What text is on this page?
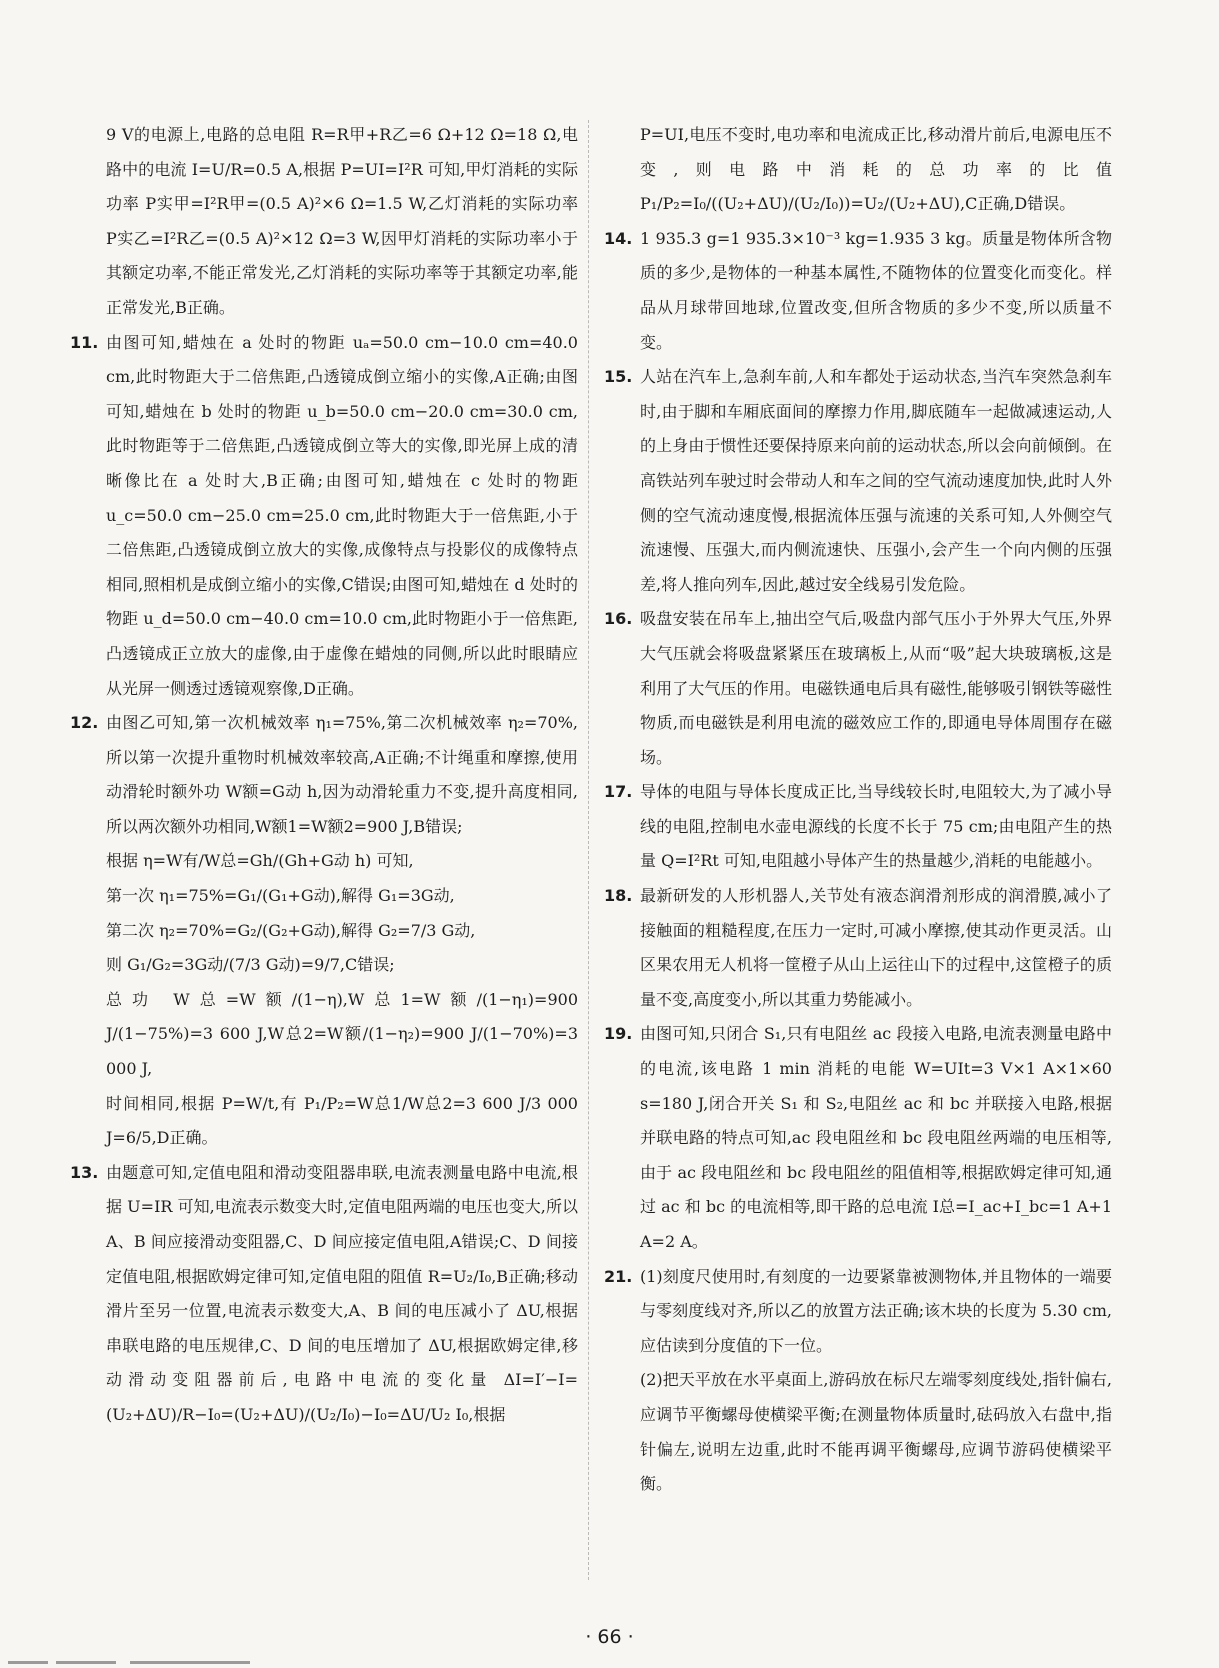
9 V的电源上,电路的总电阻 R=R甲+R乙=6 Ω+12 Ω=18 Ω,电路中的电流 I=U/R=0.5 A,根据 P=UI=I²R 可知,甲灯消耗的实际功率 P实甲=I²R甲=(0.5 A)²×6 Ω=1.5 W,乙灯消耗的实际功率 P实乙=I²R乙=(0.5 A)²×12 Ω=3 W,因甲灯消耗的实际功率小于其额定功率,不能正常发光,乙灯消耗的实际功率等于其额定功率,能正常发光,B正确。

11. 由图可知,蜡烛在 a 处时的物距 uₐ=50.0 cm−10.0 cm=40.0 cm,此时物距大于二倍焦距,凸透镜成倒立缩小的实像,A正确;由图可知,蜡烛在 b 处时的物距 u_b=50.0 cm−20.0 cm=30.0 cm,此时物距等于二倍焦距,凸透镜成倒立等大的实像,即光屏上成的清晰像比在 a 处时大,B正确;由图可知,蜡烛在 c 处时的物距 u_c=50.0 cm−25.0 cm=25.0 cm,此时物距大于一倍焦距,小于二倍焦距,凸透镜成倒立放大的实像,成像特点与投影仪的成像特点相同,照相机是成倒立缩小的实像,C错误;由图可知,蜡烛在 d 处时的物距 u_d=50.0 cm−40.0 cm=10.0 cm,此时物距小于一倍焦距,凸透镜成正立放大的虚像,由于虚像在蜡烛的同侧,所以此时眼睛应从光屏一侧透过透镜观察像,D正确。
12. 由图乙可知,第一次机械效率 η₁=75%,第二次机械效率 η₂=70%,所以第一次提升重物时机械效率较高,A正确;不计绳重和摩擦,使用动滑轮时额外功 W额=G动 h,因为动滑轮重力不变,提升高度相同,所以两次额外功相同,W额1=W额2=900 J,B错误;

根据 η=W有/W总=Gh/(Gh+G动 h) 可知,

第一次 η₁=75%=G₁/(G₁+G动),解得 G₁=3G动,

第二次 η₂=70%=G₂/(G₂+G动),解得 G₂=7/3 G动,

则 G₁/G₂=3G动/(7/3 G动)=9/7,C错误;

总功 W总=W额/(1−η),W总1=W额/(1−η₁)=900 J/(1−75%)=3 600 J,W总2=W额/(1−η₂)=900 J/(1−70%)=3 000 J,

时间相同,根据 P=W/t,有 P₁/P₂=W总1/W总2=3 600 J/3 000 J=6/5,D正确。

13. 由题意可知,定值电阻和滑动变阻器串联,电流表测量电路中电流,根据 U=IR 可知,电流表示数变大时,定值电阻两端的电压也变大,所以 A、B 间应接滑动变阻器,C、D 间应接定值电阻,A错误;C、D 间接定值电阻,根据欧姆定律可知,定值电阻的阻值 R=U₂/I₀,B正确;移动滑片至另一位置,电流表示数变大,A、B 间的电压减小了 ΔU,根据串联电路的电压规律,C、D 间的电压增加了 ΔU,根据欧姆定律,移动滑动变阻器前后,电路中电流的变化量 ΔI=I′−I=(U₂+ΔU)/R−I₀=(U₂+ΔU)/(U₂/I₀)−I₀=ΔU/U₂ I₀,根据

P=UI,电压不变时,电功率和电流成正比,移动滑片前后,电源电压不变,则电路中消耗的总功率的比值 P₁/P₂=I₀/((U₂+ΔU)/(U₂/I₀))=U₂/(U₂+ΔU),C正确,D错误。

14. 1 935.3 g=1 935.3×10⁻³ kg=1.935 3 kg。质量是物体所含物质的多少,是物体的一种基本属性,不随物体的位置变化而变化。样品从月球带回地球,位置改变,但所含物质的多少不变,所以质量不变。
15. 人站在汽车上,急刹车前,人和车都处于运动状态,当汽车突然急刹车时,由于脚和车厢底面间的摩擦力作用,脚底随车一起做减速运动,人的上身由于惯性还要保持原来向前的运动状态,所以会向前倾倒。在高铁站列车驶过时会带动人和车之间的空气流动速度加快,此时人外侧的空气流动速度慢,根据流体压强与流速的关系可知,人外侧空气流速慢、压强大,而内侧流速快、压强小,会产生一个向内侧的压强差,将人推向列车,因此,越过安全线易引发危险。
16. 吸盘安装在吊车上,抽出空气后,吸盘内部气压小于外界大气压,外界大气压就会将吸盘紧紧压在玻璃板上,从而“吸”起大块玻璃板,这是利用了大气压的作用。电磁铁通电后具有磁性,能够吸引钢铁等磁性物质,而电磁铁是利用电流的磁效应工作的,即通电导体周围存在磁场。
17. 导体的电阻与导体长度成正比,当导线较长时,电阻较大,为了减小导线的电阻,控制电水壶电源线的长度不长于 75 cm;由电阻产生的热量 Q=I²Rt 可知,电阻越小导体产生的热量越少,消耗的电能越小。
18. 最新研发的人形机器人,关节处有液态润滑剂形成的润滑膜,减小了接触面的粗糙程度,在压力一定时,可减小摩擦,使其动作更灵活。山区果农用无人机将一筐橙子从山上运往山下的过程中,这筐橙子的质量不变,高度变小,所以其重力势能减小。
19. 由图可知,只闭合 S₁,只有电阻丝 ac 段接入电路,电流表测量电路中的电流,该电路 1 min 消耗的电能 W=UIt=3 V×1 A×1×60 s=180 J,闭合开关 S₁ 和 S₂,电阻丝 ac 和 bc 并联接入电路,根据并联电路的特点可知,ac 段电阻丝和 bc 段电阻丝两端的电压相等,由于 ac 段电阻丝和 bc 段电阻丝的阻值相等,根据欧姆定律可知,通过 ac 和 bc 的电流相等,即干路的总电流 I总=I_ac+I_bc=1 A+1 A=2 A。
21. (1)刻度尺使用时,有刻度的一边要紧靠被测物体,并且物体的一端要与零刻度线对齐,所以乙的放置方法正确;该木块的长度为 5.30 cm,应估读到分度值的下一位。

(2)把天平放在水平桌面上,游码放在标尺左端零刻度线处,指针偏右,应调节平衡螺母使横梁平衡;在测量物体质量时,砝码放入右盘中,指针偏左,说明左边重,此时不能再调平衡螺母,应调节游码使横梁平衡。

· 66 ·
